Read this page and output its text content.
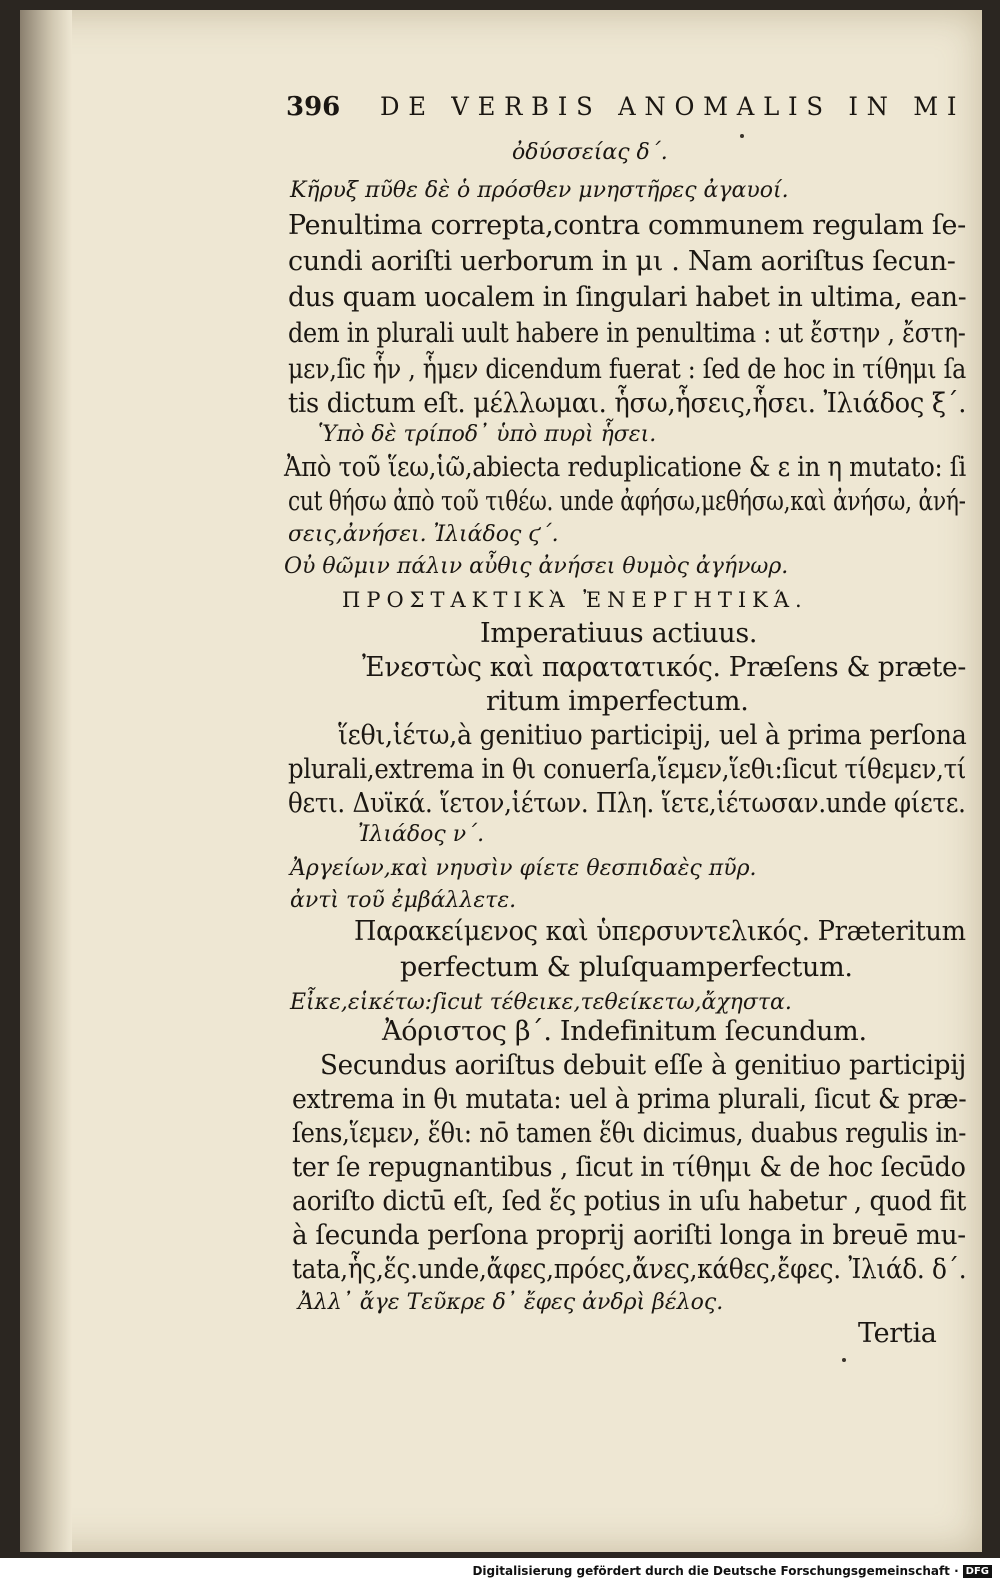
396 DE VERBIS ANOMALIS IN MI
ὀδύσσείας δ΄.
Κῆρυξ πῦθε δὲ ὁ πρόσθεν μνηστῆρες ἀγαυοί.
Penultima correpta,contra communem regulam ſe-
cundi aoriſti uerborum in μι . Nam aoriſtus ſecun-
dus quam uocalem in ſingulari habet in ultima, ean-
dem in plurali uult habere in penultima : ut ἔστην , ἔστη-
μεν,ſic ἧν , ἧμεν dicendum fuerat : ſed de hoc in τίθημι ſa
tis dictum eſt. μέλλωμαι. ἧσω,ἧσεις,ἧσει. Ἰλιάδος ξ΄.
Ὑπὸ δὲ τρίποδ᾽ ὑπὸ πυρὶ ἧσει.
Ἀπὸ τοῦ ἵεω,ἱῶ,abiecta reduplicatione & ε in η mutato: ſi
cut θήσω ἀπὸ τοῦ τιθέω. unde ἀφήσω,μεθήσω,καὶ ἀνήσω, ἀνή-
σεις,ἀνήσει. Ἰλιάδος ϛ΄.
Οὐ θῶμιν πάλιν αὖθις ἀνήσει θυμὸς ἀγήνωρ.
ΠΡΟΣΤΑΚΤΙΚᾺ ἘΝΕΡΓΗΤΙΚΆ.
Imperatiuus actiuus.
Ἐνεστὼς καὶ παρατατικός. Præſens & præte-
ritum imperfectum.
ἵεθι,ἱέτω,à genitiuo participij, uel à prima perſona
plurali,extrema in θι conuerſa,ἵεμεν,ἵεθι:ſicut τίθεμεν,τί
θετι. Δυϊκά. ἵετον,ἱέτων. Πλη. ἵετε,ἱέτωσαν.unde φίετε.
Ἰλιάδος ν΄.
Ἀργείων,καὶ νηυσὶν φίετε θεσπιδαὲς πῦρ.
ἀντὶ τοῦ ἐμβάλλετε.
Παρακείμενος καὶ ὑπερσυντελικός. Præteritum
perfectum & pluſquamperfectum.
Εἶκε,εἱκέτω:ſicut τέθεικε,τεθείκετω,ἄχηστα.
Ἀόριστος β΄. Indefinitum ſecundum.
Secundus aoriſtus debuit eſſe à genitiuo participij
extrema in θι mutata: uel à prima plurali, ſicut & præ-
ſens,ἵεμεν, ἕθι: nō tamen ἕθι dicimus, duabus regulis in-
ter ſe repugnantibus , ſicut in τίθημι & de hoc ſecūdo
aoriſto dictū eſt, ſed ἕς potius in uſu habetur , quod fit
à ſecunda perſona proprij aoriſti longa in breuē mu-
tata,ἧς,ἕς.unde,ἄφες,πρόες,ἄνες,κάθες,ἔφες. Ἰλιάδ. δ΄.
Ἀλλ᾽ ἄγε Τεῦκρε δ᾽ ἔφες ἀνδρὶ βέλος.
Tertia
Digitalisierung gefördert durch die Deutsche Forschungsgemeinschaft · DFG
